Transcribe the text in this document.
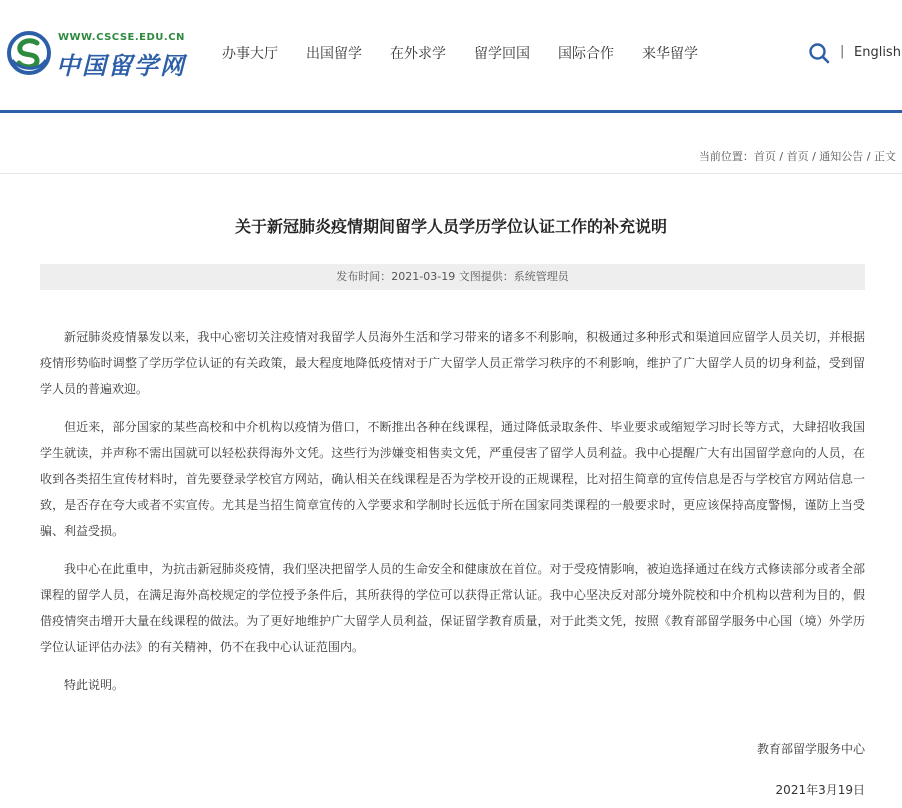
WWW.CSCSE.EDU.CN
中国留学网	办事大厅 出国留学 在外求学 留学回国 国际合作 来华留学	| English
当前位置：首页 / 首页 / 通知公告 / 正文
关于新冠肺炎疫情期间留学人员学历学位认证工作的补充说明
发布时间：2021-03-19 文图提供：系统管理员

新冠肺炎疫情暴发以来，我中心密切关注疫情对我留学人员海外生活和学习带来的诸多不利影响，积极通过多种形式和渠道回应留学人员关切，并根据疫情形势临时调整了学历学位认证的有关政策，最大程度地降低疫情对于广大留学人员正常学习秩序的不利影响，维护了广大留学人员的切身利益，受到留学人员的普遍欢迎。

但近来，部分国家的某些高校和中介机构以疫情为借口，不断推出各种在线课程，通过降低录取条件、毕业要求或缩短学习时长等方式，大肆招收我国学生就读，并声称不需出国就可以轻松获得海外文凭。这些行为涉嫌变相售卖文凭，严重侵害了留学人员利益。我中心提醒广大有出国留学意向的人员，在收到各类招生宣传材料时，首先要登录学校官方网站，确认相关在线课程是否为学校开设的正规课程，比对招生简章的宣传信息是否与学校官方网站信息一致，是否存在夸大或者不实宣传。尤其是当招生简章宣传的入学要求和学制时长远低于所在国家同类课程的一般要求时，更应该保持高度警惕，谨防上当受骗、利益受损。

我中心在此重申，为抗击新冠肺炎疫情，我们坚决把留学人员的生命安全和健康放在首位。对于受疫情影响，被迫选择通过在线方式修读部分或者全部课程的留学人员，在满足海外高校规定的学位授予条件后，其所获得的学位可以获得正常认证。我中心坚决反对部分境外院校和中介机构以营利为目的，假借疫情突击增开大量在线课程的做法。为了更好地维护广大留学人员利益，保证留学教育质量，对于此类文凭，按照《教育部留学服务中心国（境）外学历学位认证评估办法》的有关精神，仍不在我中心认证范围内。

特此说明。

教育部留学服务中心
2021年3月19日
